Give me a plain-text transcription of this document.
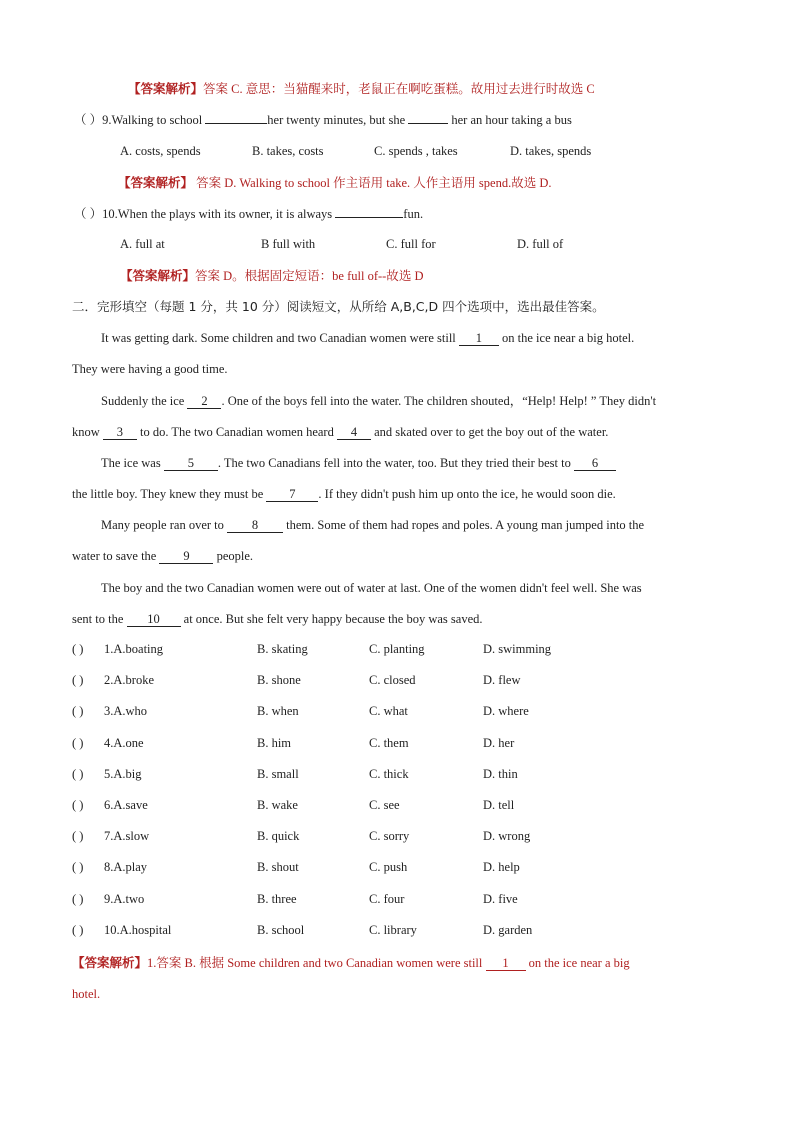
【答案解析】答案 C. 意思：当猫醒来时，老鼠正在啊吃蛋糕。故用过去进行时故选 C
（ ）9.Walking to school	her twenty minutes, but she	her an hour taking a bus
A. costs, spends	B. takes, costs	C. spends , takes	D. takes, spends
【答案解析】 答案 D. Walking to school 作主语用 take. 人作主语用 spend.故选 D.
（ ）10.When the plays with its owner, it is always	fun.
A. full at	B full with	C. full for	D. full of
【答案解析】答案 D。根据固定短语：be full of--故选 D
二．完形填空（每题 1 分，共 10 分）阅读短文，从所给 A,B,C,D 四个选项中，选出最佳答案。
It was getting dark. Some children and two Canadian women were still 1 on the ice near a big hotel.
They were having a good time.
Suddenly the ice 2 . One of the boys fell into the water. The children shouted，“Help! Help! ” They didn't
know 3 to do. The two Canadian women heard 4 and skated over to get the boy out of the water.
The ice was 5 . The two Canadians fell into the water, too. But they tried their best to 6
the little boy. They knew they must be 7 . If they didn't push him up onto the ice, he would soon die.
Many people ran over to 8 them. Some of them had ropes and poles. A young man jumped into the
water to save the 9 people.
The boy and the two Canadian women were out of water at last. One of the women didn't feel well. She was
sent to the 10 at once. But she felt very happy because the boy was saved.
( ) 1.A.boating	B. skating	C. planting	D. swimming
( ) 2.A.broke	B. shone	C. closed	D. flew
( ) 3.A.who	B. when	C. what	D. where
( ) 4.A.one	B. him	C. them	D. her
( ) 5.A.big	B. small	C. thick	D. thin
( ) 6.A.save	B. wake	C. see	D. tell
( ) 7.A.slow	B. quick	C. sorry	D. wrong
( ) 8.A.play	B. shout	C. push	D. help
( ) 9.A.two	B. three	C. four	D. five
( ) 10.A.hospital	B. school	C. library	D. garden
【答案解析】1.答案 B. 根据 Some children and two Canadian women were still 1 on the ice near a big
hotel.
